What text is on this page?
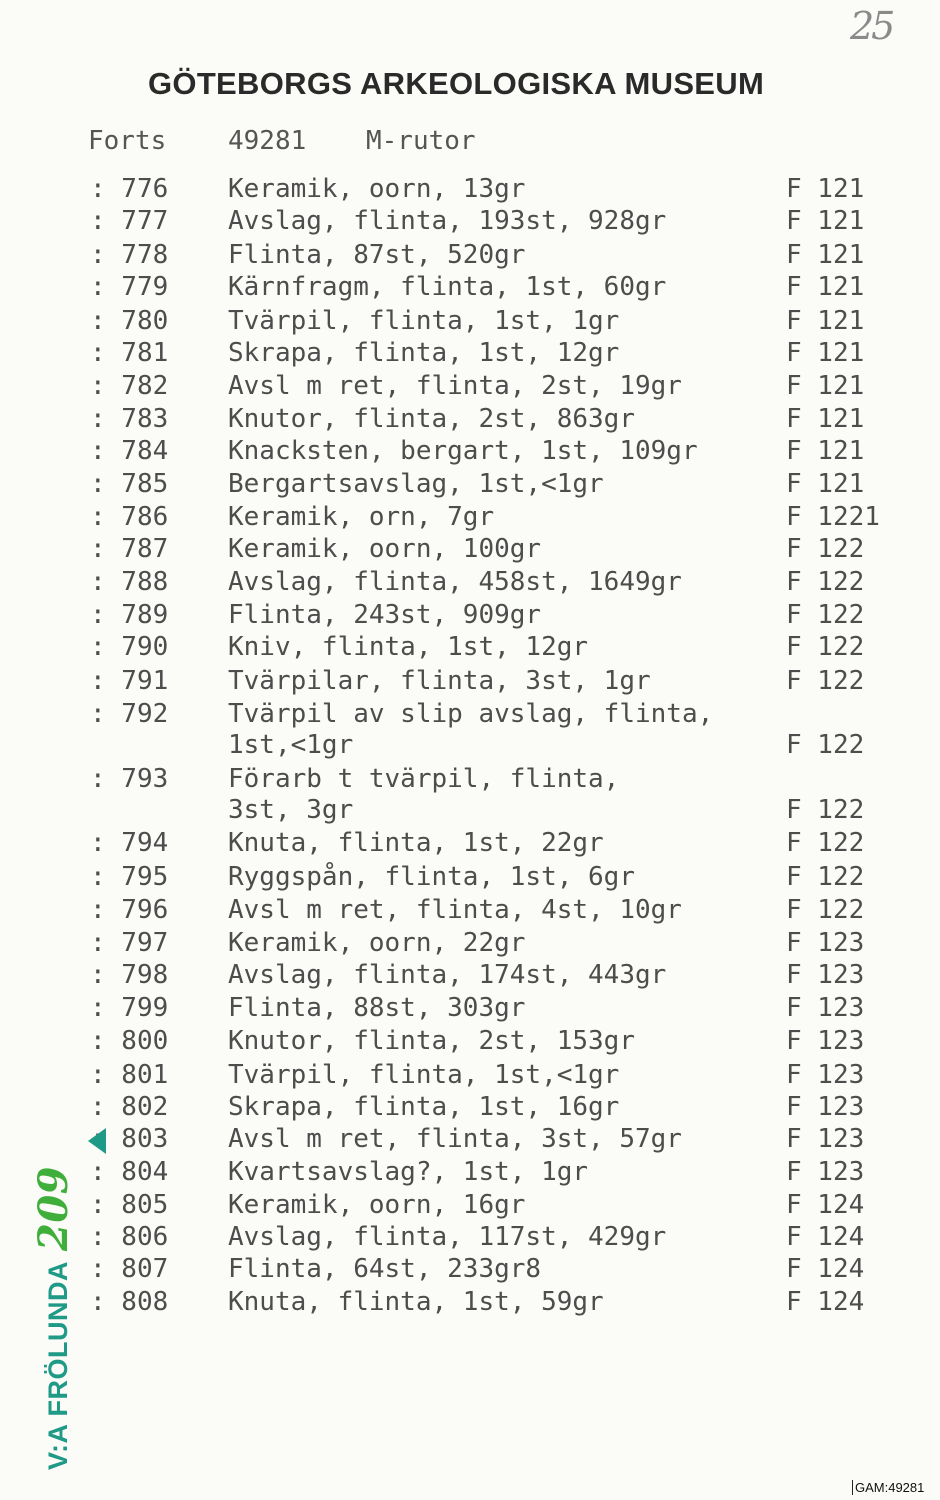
25
GÖTEBORGS ARKEOLOGISKA MUSEUM
Forts 49281 M-rutor
: 776 Keramik, oorn, 13gr	F 121
: 777 Avslag, flinta, 193st, 928gr	F 121
: 778 Flinta, 87st, 520gr	F 121
: 779 Kärnfragm, flinta, 1st, 60gr	F 121
: 780 Tvärpil, flinta, 1st, 1gr	F 121
: 781 Skrapa, flinta, 1st, 12gr	F 121
: 782 Avsl m ret, flinta, 2st, 19gr	F 121
: 783 Knutor, flinta, 2st, 863gr	F 121
: 784 Knacksten, bergart, 1st, 109gr	F 121
: 785 Bergartsavslag, 1st,<1gr	F 121
: 786 Keramik, orn, 7gr	F 1221
: 787 Keramik, oorn, 100gr	F 122
: 788 Avslag, flinta, 458st, 1649gr	F 122
: 789 Flinta, 243st, 909gr	F 122
: 790 Kniv, flinta, 1st, 12gr	F 122
: 791 Tvärpilar, flinta, 3st, 1gr	F 122
: 792 Tvärpil av slip avslag, flinta,
1st,<1gr	F 122
: 793 Förarb t tvärpil, flinta,
3st, 3gr	F 122
: 794 Knuta, flinta, 1st, 22gr	F 122
: 795 Ryggspån, flinta, 1st, 6gr	F 122
: 796 Avsl m ret, flinta, 4st, 10gr	F 122
: 797 Keramik, oorn, 22gr	F 123
: 798 Avslag, flinta, 174st, 443gr	F 123
: 799 Flinta, 88st, 303gr	F 123
: 800 Knutor, flinta, 2st, 153gr	F 123
: 801 Tvärpil, flinta, 1st,<1gr	F 123
: 802 Skrapa, flinta, 1st, 16gr	F 123
: 803 Avsl m ret, flinta, 3st, 57gr	F 123
: 804 Kvartsavslag?, 1st, 1gr	F 123
: 805 Keramik, oorn, 16gr	F 124
: 806 Avslag, flinta, 117st, 429gr	F 124
: 807 Flinta, 64st, 233gr8	F 124
: 808 Knuta, flinta, 1st, 59gr	F 124
V:A FRÖLUNDA209
GAM:49281
